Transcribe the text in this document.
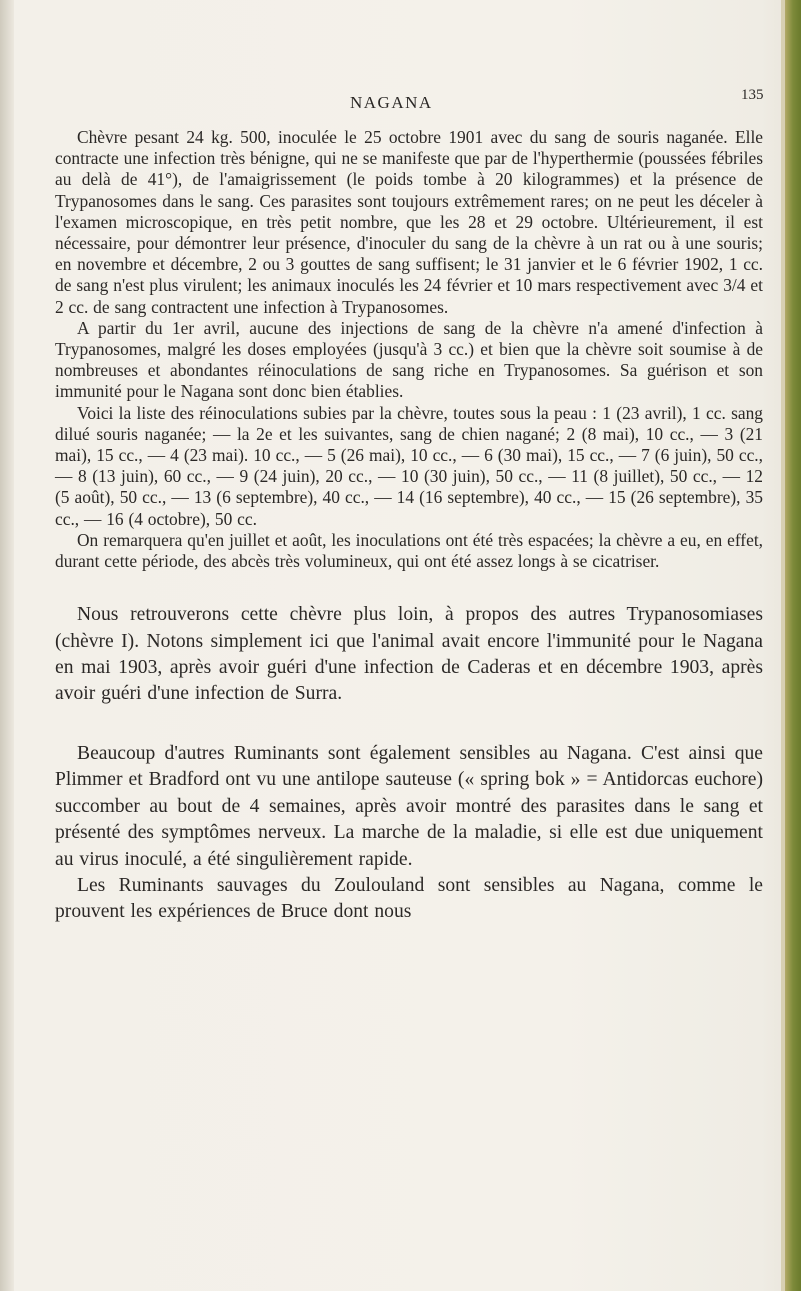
NAGANA	135

Chèvre pesant 24 kg. 500, inoculée le 25 octobre 1901 avec du sang de souris naganée. Elle contracte une infection très bénigne, qui ne se manifeste que par de l'hyperthermie (poussées fébriles au delà de 41°), de l'amaigrissement (le poids tombe à 20 kilogrammes) et la présence de Trypanosomes dans le sang. Ces parasites sont toujours extrêmement rares; on ne peut les déceler à l'examen microscopique, en très petit nombre, que les 28 et 29 octobre. Ultérieurement, il est nécessaire, pour démontrer leur présence, d'inoculer du sang de la chèvre à un rat ou à une souris; en novembre et décembre, 2 ou 3 gouttes de sang suffisent; le 31 janvier et le 6 février 1902, 1 cc. de sang n'est plus virulent; les animaux inoculés les 24 février et 10 mars respectivement avec 3/4 et 2 cc. de sang contractent une infection à Trypanosomes.

A partir du 1er avril, aucune des injections de sang de la chèvre n'a amené d'infection à Trypanosomes, malgré les doses employées (jusqu'à 3 cc.) et bien que la chèvre soit soumise à de nombreuses et abondantes réinoculations de sang riche en Trypanosomes. Sa guérison et son immunité pour le Nagana sont donc bien établies.

Voici la liste des réinoculations subies par la chèvre, toutes sous la peau : 1 (23 avril), 1 cc. sang dilué souris naganée; — la 2e et les suivantes, sang de chien nagané; 2 (8 mai), 10 cc., — 3 (21 mai), 15 cc., — 4 (23 mai). 10 cc., — 5 (26 mai), 10 cc., — 6 (30 mai), 15 cc., — 7 (6 juin), 50 cc., — 8 (13 juin), 60 cc., — 9 (24 juin), 20 cc., — 10 (30 juin), 50 cc., — 11 (8 juillet), 50 cc., — 12 (5 août), 50 cc., — 13 (6 septembre), 40 cc., — 14 (16 septembre), 40 cc., — 15 (26 septembre), 35 cc., — 16 (4 octobre), 50 cc.

On remarquera qu'en juillet et août, les inoculations ont été très espacées; la chèvre a eu, en effet, durant cette période, des abcès très volumineux, qui ont été assez longs à se cicatriser.

Nous retrouverons cette chèvre plus loin, à propos des autres Trypanosomiases (chèvre I). Notons simplement ici que l'animal avait encore l'immunité pour le Nagana en mai 1903, après avoir guéri d'une infection de Caderas et en décembre 1903, après avoir guéri d'une infection de Surra.

Beaucoup d'autres Ruminants sont également sensibles au Nagana. C'est ainsi que Plimmer et Bradford ont vu une antilope sauteuse (« spring bok » = Antidorcas euchore) succomber au bout de 4 semaines, après avoir montré des parasites dans le sang et présenté des symptômes nerveux. La marche de la maladie, si elle est due uniquement au virus inoculé, a été singulièrement rapide.

Les Ruminants sauvages du Zoulouland sont sensibles au Nagana, comme le prouvent les expériences de Bruce dont nous
